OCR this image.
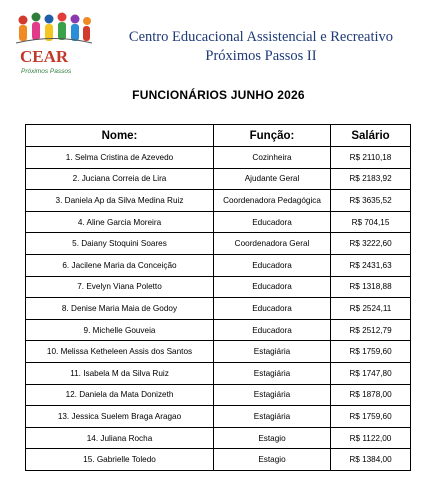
CEAR
Próximos Passos
Centro Educacional Assistencial e Recreativo
Próximos Passos II
FUNCIONÁRIOS JUNHO 2026
Nome:	Função:	Salário
1. Selma Cristina de Azevedo	Cozinheira	R$ 2110,18
2. Juciana Correia de Lira	Ajudante Geral	R$ 2183,92
3. Daniela Ap da Silva Medina Ruiz	Coordenadora Pedagógica	R$ 3635,52
4. Aline Garcia Moreira	Educadora	R$ 704,15
5. Daiany Stoquini Soares	Coordenadora Geral	R$ 3222,60
6. Jacilene Maria da Conceição	Educadora	R$ 2431,63
7. Evelyn Viana Poletto	Educadora	R$ 1318,88
8. Denise Maria Maia de Godoy	Educadora	R$ 2524,11
9. Michelle Gouveia	Educadora	R$ 2512,79
10. Melissa Ketheleen Assis dos Santos	Estagiária	R$ 1759,60
11. Isabela M da Silva Ruiz	Estagiária	R$ 1747,80
12. Daniela da Mata Donizeth	Estagiária	R$ 1878,00
13. Jessica Suelem Braga Aragao	Estagiária	R$ 1759,60
14. Juliana Rocha	Estagio	R$ 1122,00
15. Gabrielle Toledo	Estagio	R$ 1384,00
